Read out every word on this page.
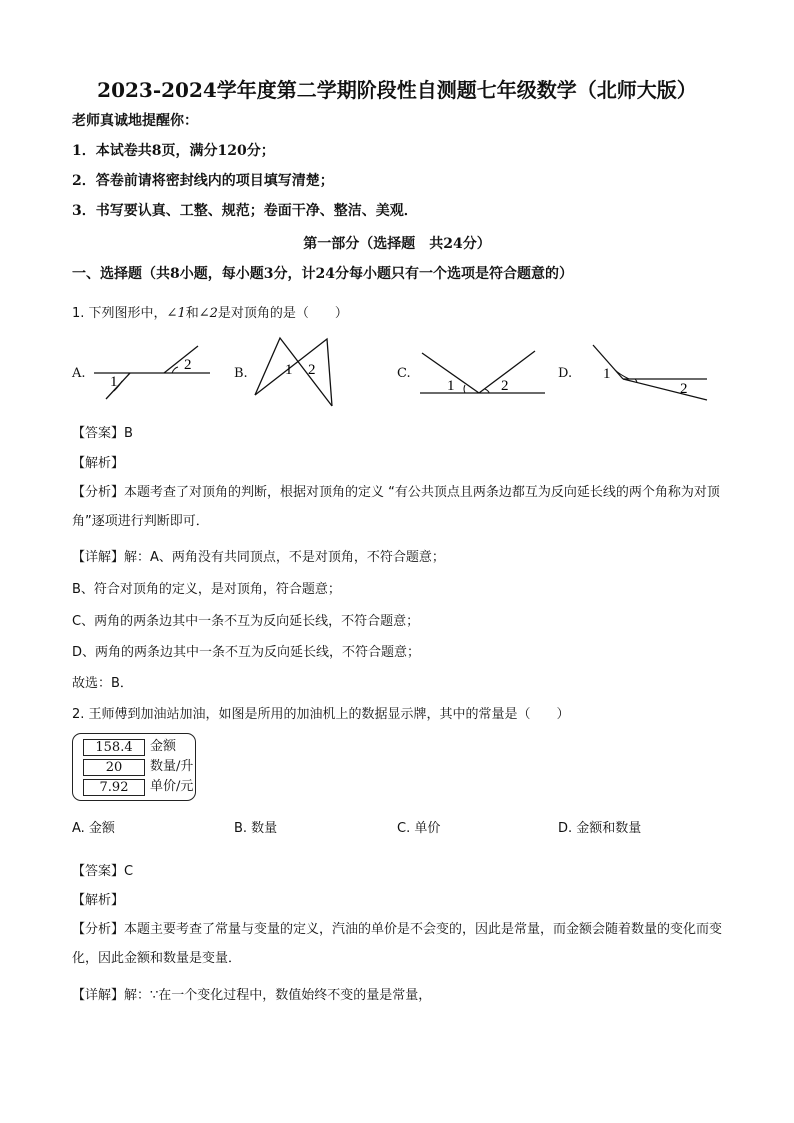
2023-2024学年度第二学期阶段性自测题七年级数学（北师大版）
老师真诚地提醒你：
1．本试卷共8页，满分120分；
2．答卷前请将密封线内的项目填写清楚；
3．书写要认真、工整、规范；卷面干净、整洁、美观．
第一部分（选择题　共24分）
一、选择题（共8小题，每小题3分，计24分每小题只有一个选项是符合题意的）
1. 下列图形中，∠1和∠2是对顶角的是（　　）
A.
1
2
B. 1 2	C.
1	2
D. 1
2
【答案】B
【解析】
【分析】本题考查了对顶角的判断，根据对顶角的定义 “有公共顶点且两条边都互为反向延长线的两个角称为对顶角”逐项进行判断即可．
【详解】解：A、两角没有共同顶点，不是对顶角，不符合题意；
B、符合对顶角的定义，是对顶角，符合题意；
C、两角的两条边其中一条不互为反向延长线，不符合题意；
D、两角的两条边其中一条不互为反向延长线，不符合题意；
故选：B．
2. 王师傅到加油站加油，如图是所用的加油机上的数据显示牌，其中的常量是（　　）
158.4	金额
20	数量/升
7.92	单价/元
A. 金额	B. 数量	C. 单价	D. 金额和数量
【答案】C
【解析】
【分析】本题主要考查了常量与变量的定义，汽油的单价是不会变的，因此是常量，而金额会随着数量的变化而变化，因此金额和数量是变量．
【详解】解：∵在一个变化过程中，数值始终不变的量是常量，
